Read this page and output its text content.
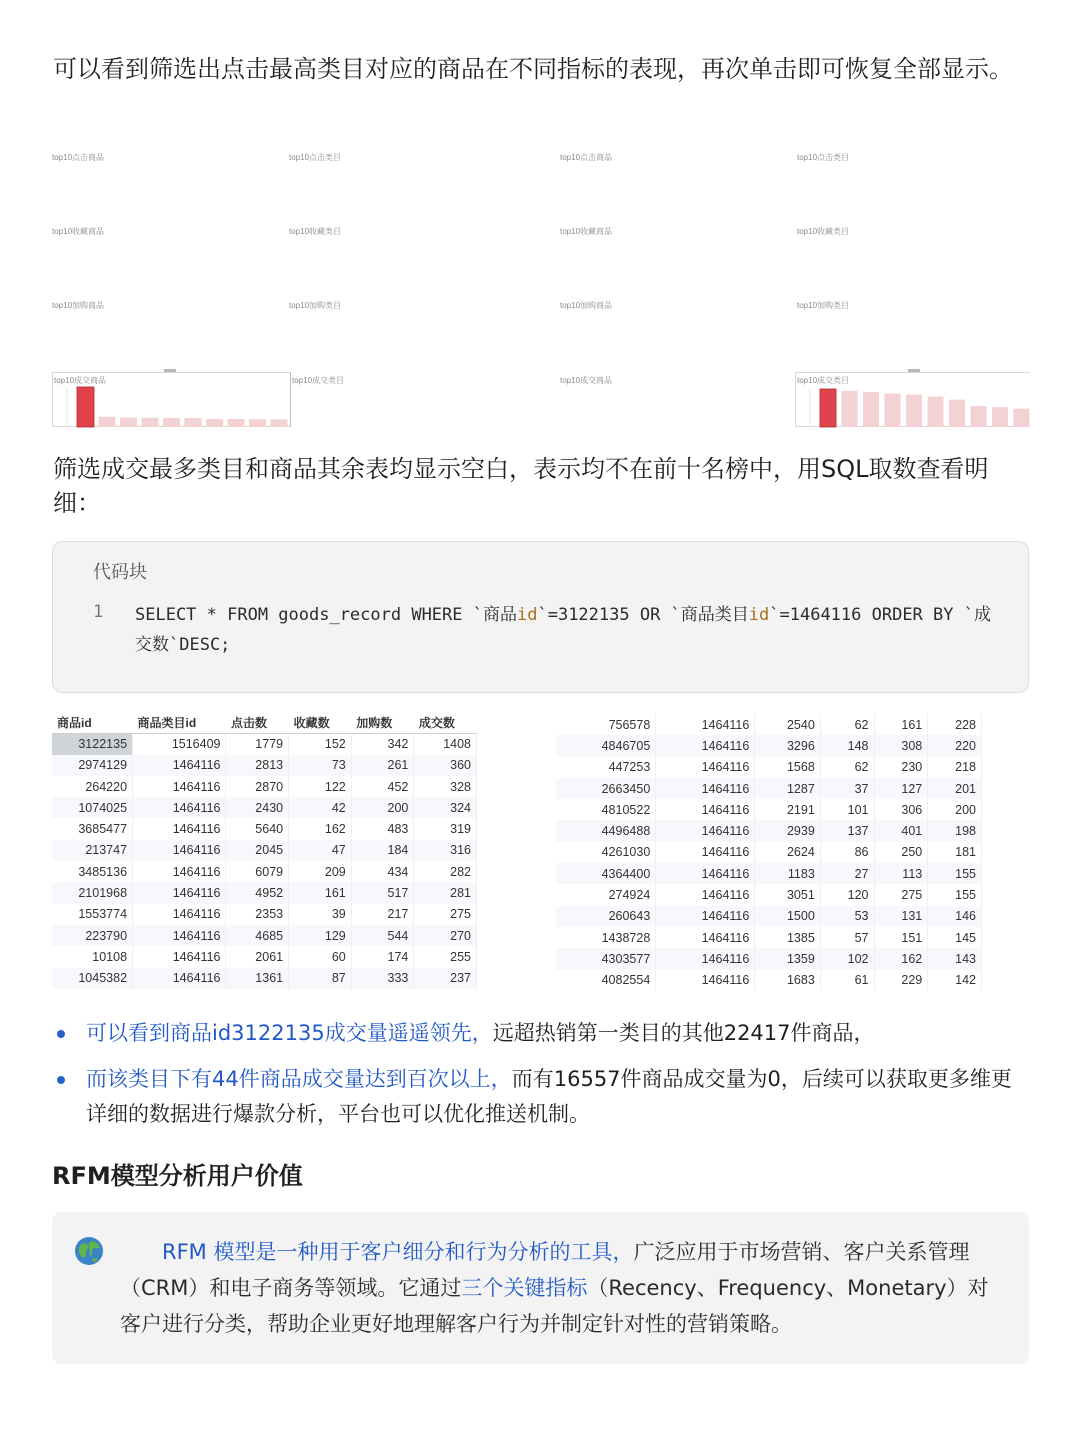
可以看到筛选出点击最高类目对应的商品在不同指标的表现，再次单击即可恢复全部显示。
top10点击商品	top10点击类目	top10点击商品	top10点击类目
top10收藏商品	top10收藏类目	top10收藏商品	top10收藏类目
top10加购商品	top10加购类目	top10加购商品	top10加购类目
top10成交商品	top10成交类目	top10成交商品	top10成交类目
筛选成交最多类目和商品其余表均显示空白，表示均不在前十名榜中，用SQL取数查看明细：
代码块
1 SELECT * FROM goods_record WHERE `商品id`=3122135 OR `商品类目id`=1464116 ORDER BY `成交数`DESC;
商品id	商品类目id	点击数	收藏数	加购数	成交数
3122135	1516409	1779	152	342	1408
2974129	1464116	2813	73	261	360
264220	1464116	2870	122	452	328
1074025	1464116	2430	42	200	324
3685477	1464116	5640	162	483	319
213747	1464116	2045	47	184	316
3485136	1464116	6079	209	434	282
2101968	1464116	4952	161	517	281
1553774	1464116	2353	39	217	275
223790	1464116	4685	129	544	270
10108	1464116	2061	60	174	255
1045382	1464116	1361	87	333	237
756578	1464116	2540	62	161	228
4846705	1464116	3296	148	308	220
447253	1464116	1568	62	230	218
2663450	1464116	1287	37	127	201
4810522	1464116	2191	101	306	200
4496488	1464116	2939	137	401	198
4261030	1464116	2624	86	250	181
4364400	1464116	1183	27	113	155
274924	1464116	3051	120	275	155
260643	1464116	1500	53	131	146
1438728	1464116	1385	57	151	145
4303577	1464116	1359	102	162	143
4082554	1464116	1683	61	229	142
可以看到商品id3122135成交量遥遥领先，远超热销第一类目的其他22417件商品，
而该类目下有44件商品成交量达到百次以上，而有16557件商品成交量为0，后续可以获取更多维更详细的数据进行爆款分析，平台也可以优化推送机制。
RFM模型分析用户价值
RFM 模型是一种用于客户细分和行为分析的工具，广泛应用于市场营销、客户关系管理（CRM）和电子商务等领域。它通过三个关键指标（Recency、Frequency、Monetary）对客户进行分类，帮助企业更好地理解客户行为并制定针对性的营销策略。
